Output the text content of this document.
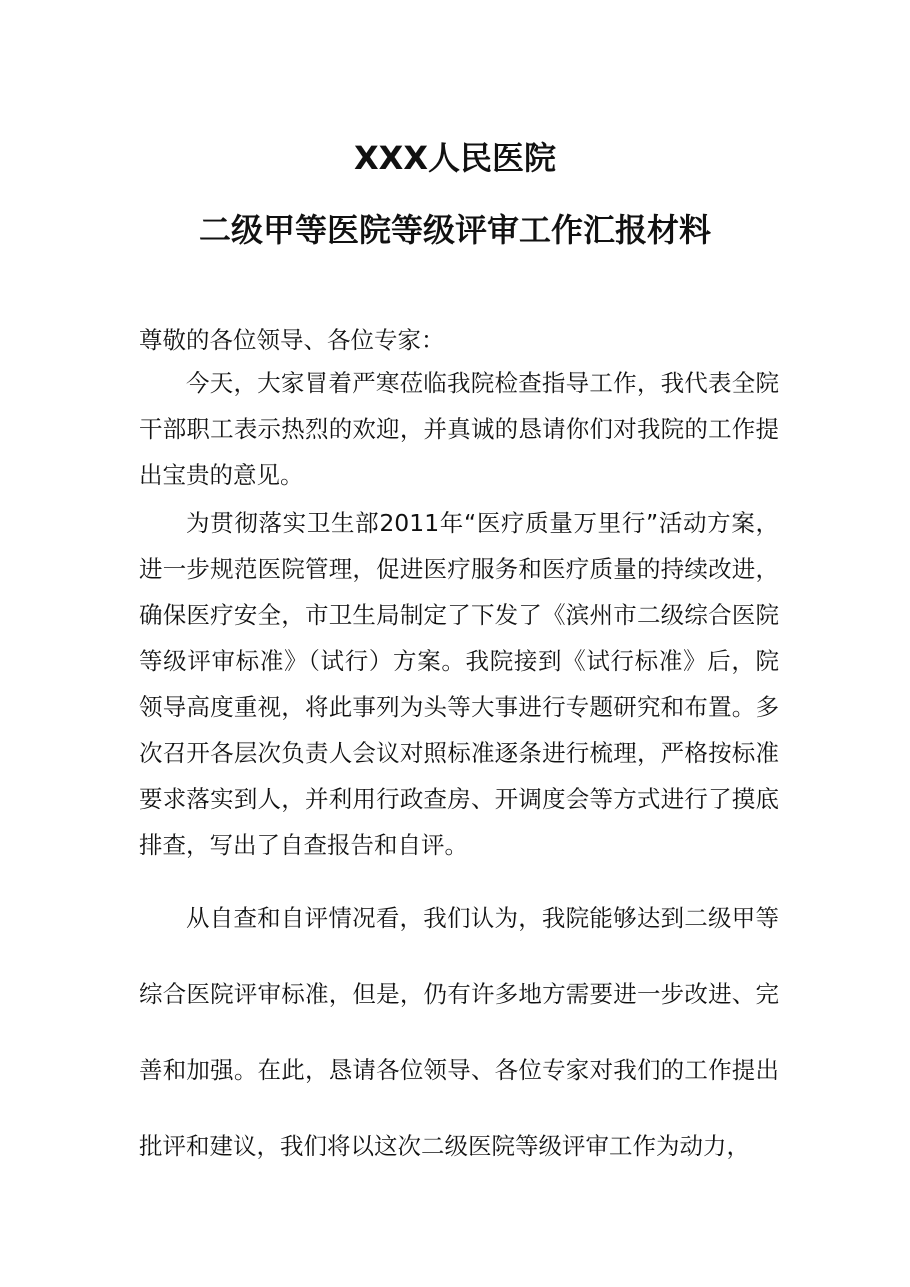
XXX人民医院
二级甲等医院等级评审工作汇报材料

尊敬的各位领导、各位专家：

今天，大家冒着严寒莅临我院检查指导工作，我代表全院干部职工表示热烈的欢迎，并真诚的恳请你们对我院的工作提出宝贵的意见。

为贯彻落实卫生部2011年“医疗质量万里行”活动方案，进一步规范医院管理，促进医疗服务和医疗质量的持续改进，确保医疗安全，市卫生局制定了下发了《滨州市二级综合医院等级评审标准》（试行）方案。我院接到《试行标准》后，院领导高度重视，将此事列为头等大事进行专题研究和布置。多次召开各层次负责人会议对照标准逐条进行梳理，严格按标准要求落实到人，并利用行政查房、开调度会等方式进行了摸底排查，写出了自查报告和自评。

从自查和自评情况看，我们认为，我院能够达到二级甲等综合医院评审标准，但是，仍有许多地方需要进一步改进、完善和加强。在此，恳请各位领导、各位专家对我们的工作提出批评和建议，我们将以这次二级医院等级评审工作为动力，
